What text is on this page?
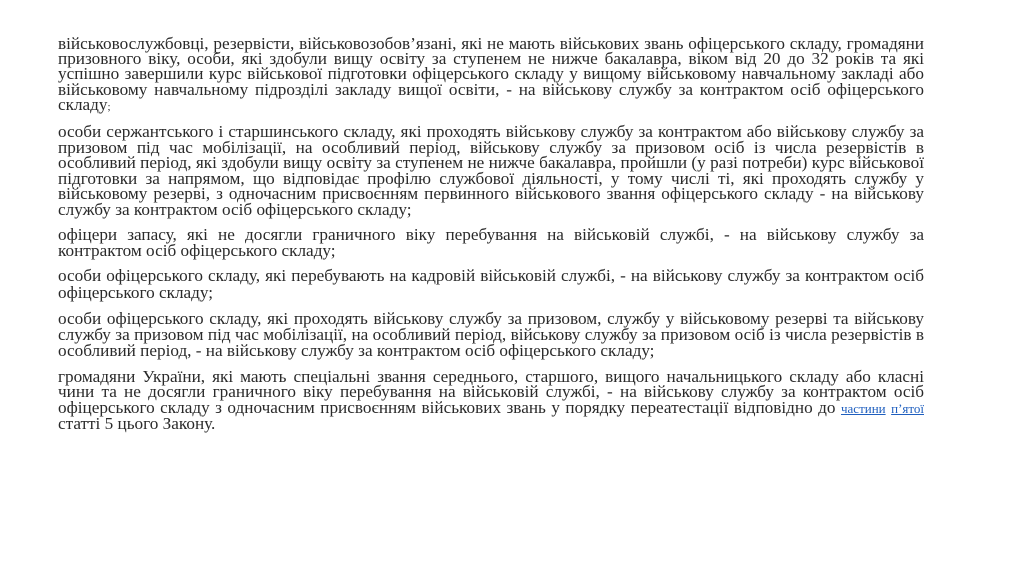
військовослужбовці, резервісти, військовозобов’язані, які не мають військових звань офіцерського складу, громадяни призовного віку, особи, які здобули вищу освіту за ступенем не нижче бакалавра, віком від 20 до 32 років та які успішно завершили курс військової підготовки офіцерського складу у вищому військовому навчальному закладі або військовому навчальному підрозділі закладу вищої освіти, - на військову службу за контрактом осіб офіцерського складу;

особи сержантського і старшинського складу, які проходять військову службу за контрактом або військову службу за призовом під час мобілізації, на особливий період, військову службу за призовом осіб із числа резервістів в особливий період, які здобули вищу освіту за ступенем не нижче бакалавра, пройшли (у разі потреби) курс військової підготовки за напрямом, що відповідає профілю службової діяльності, у тому числі ті, які проходять службу у військовому резерві, з одночасним присвоєнням первинного військового звання офіцерського складу - на військову службу за контрактом осіб офіцерського складу;

офіцери запасу, які не досягли граничного віку перебування на військовій службі, - на військову службу за контрактом осіб офіцерського складу;

особи офіцерського складу, які перебувають на кадровій військовій службі, - на військову службу за контрактом осіб офіцерського складу;

особи офіцерського складу, які проходять військову службу за призовом, службу у військовому резерві та військову службу за призовом під час мобілізації, на особливий період, військову службу за призовом осіб із числа резервістів в особливий період, - на військову службу за контрактом осіб офіцерського складу;

громадяни України, які мають спеціальні звання середнього, старшого, вищого начальницького складу або класні чини та не досягли граничного віку перебування на військовій службі, - на військову службу за контрактом осіб офіцерського складу з одночасним присвоєнням військових звань у порядку переатестації відповідно до частини п’ятої статті 5 цього Закону.
